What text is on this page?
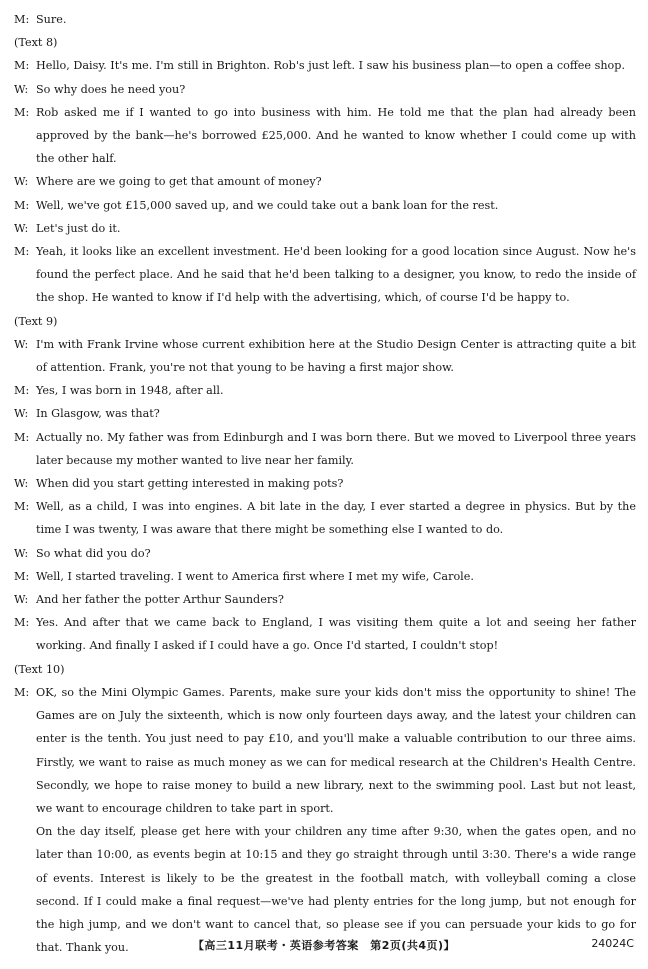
M: Sure.
(Text 8)
M: Hello, Daisy. It's me. I'm still in Brighton. Rob's just left. I saw his business plan—to open a coffee shop.
W: So why does he need you?
M: Rob asked me if I wanted to go into business with him. He told me that the plan had already been approved by the bank—he's borrowed £25,000. And he wanted to know whether I could come up with the other half.
W: Where are we going to get that amount of money?
M: Well, we've got £15,000 saved up, and we could take out a bank loan for the rest.
W: Let's just do it.
M: Yeah, it looks like an excellent investment. He'd been looking for a good location since August. Now he's found the perfect place. And he said that he'd been talking to a designer, you know, to redo the inside of the shop. He wanted to know if I'd help with the advertising, which, of course I'd be happy to.
(Text 9)
W: I'm with Frank Irvine whose current exhibition here at the Studio Design Center is attracting quite a bit of attention. Frank, you're not that young to be having a first major show.
M: Yes, I was born in 1948, after all.
W: In Glasgow, was that?
M: Actually no. My father was from Edinburgh and I was born there. But we moved to Liverpool three years later because my mother wanted to live near her family.
W: When did you start getting interested in making pots?
M: Well, as a child, I was into engines. A bit late in the day, I ever started a degree in physics. But by the time I was twenty, I was aware that there might be something else I wanted to do.
W: So what did you do?
M: Well, I started traveling. I went to America first where I met my wife, Carole.
W: And her father the potter Arthur Saunders?
M: Yes. And after that we came back to England, I was visiting them quite a lot and seeing her father working. And finally I asked if I could have a go. Once I'd started, I couldn't stop!
(Text 10)
M: OK, so the Mini Olympic Games. Parents, make sure your kids don't miss the opportunity to shine! The Games are on July the sixteenth, which is now only fourteen days away, and the latest your children can enter is the tenth. You just need to pay £10, and you'll make a valuable contribution to our three aims. Firstly, we want to raise as much money as we can for medical research at the Children's Health Centre. Secondly, we hope to raise money to build a new library, next to the swimming pool. Last but not least, we want to encourage children to take part in sport.
On the day itself, please get here with your children any time after 9:30, when the gates open, and no later than 10:00, as events begin at 10:15 and they go straight through until 3:30. There's a wide range of events. Interest is likely to be the greatest in the football match, with volleyball coming a close second. If I could make a final request—we've had plenty entries for the long jump, but not enough for the high jump, and we don't want to cancel that, so please see if you can persuade your kids to go for that. Thank you.	【高三11月联考・英语参考答案　第2页(共4页)】	24024C
